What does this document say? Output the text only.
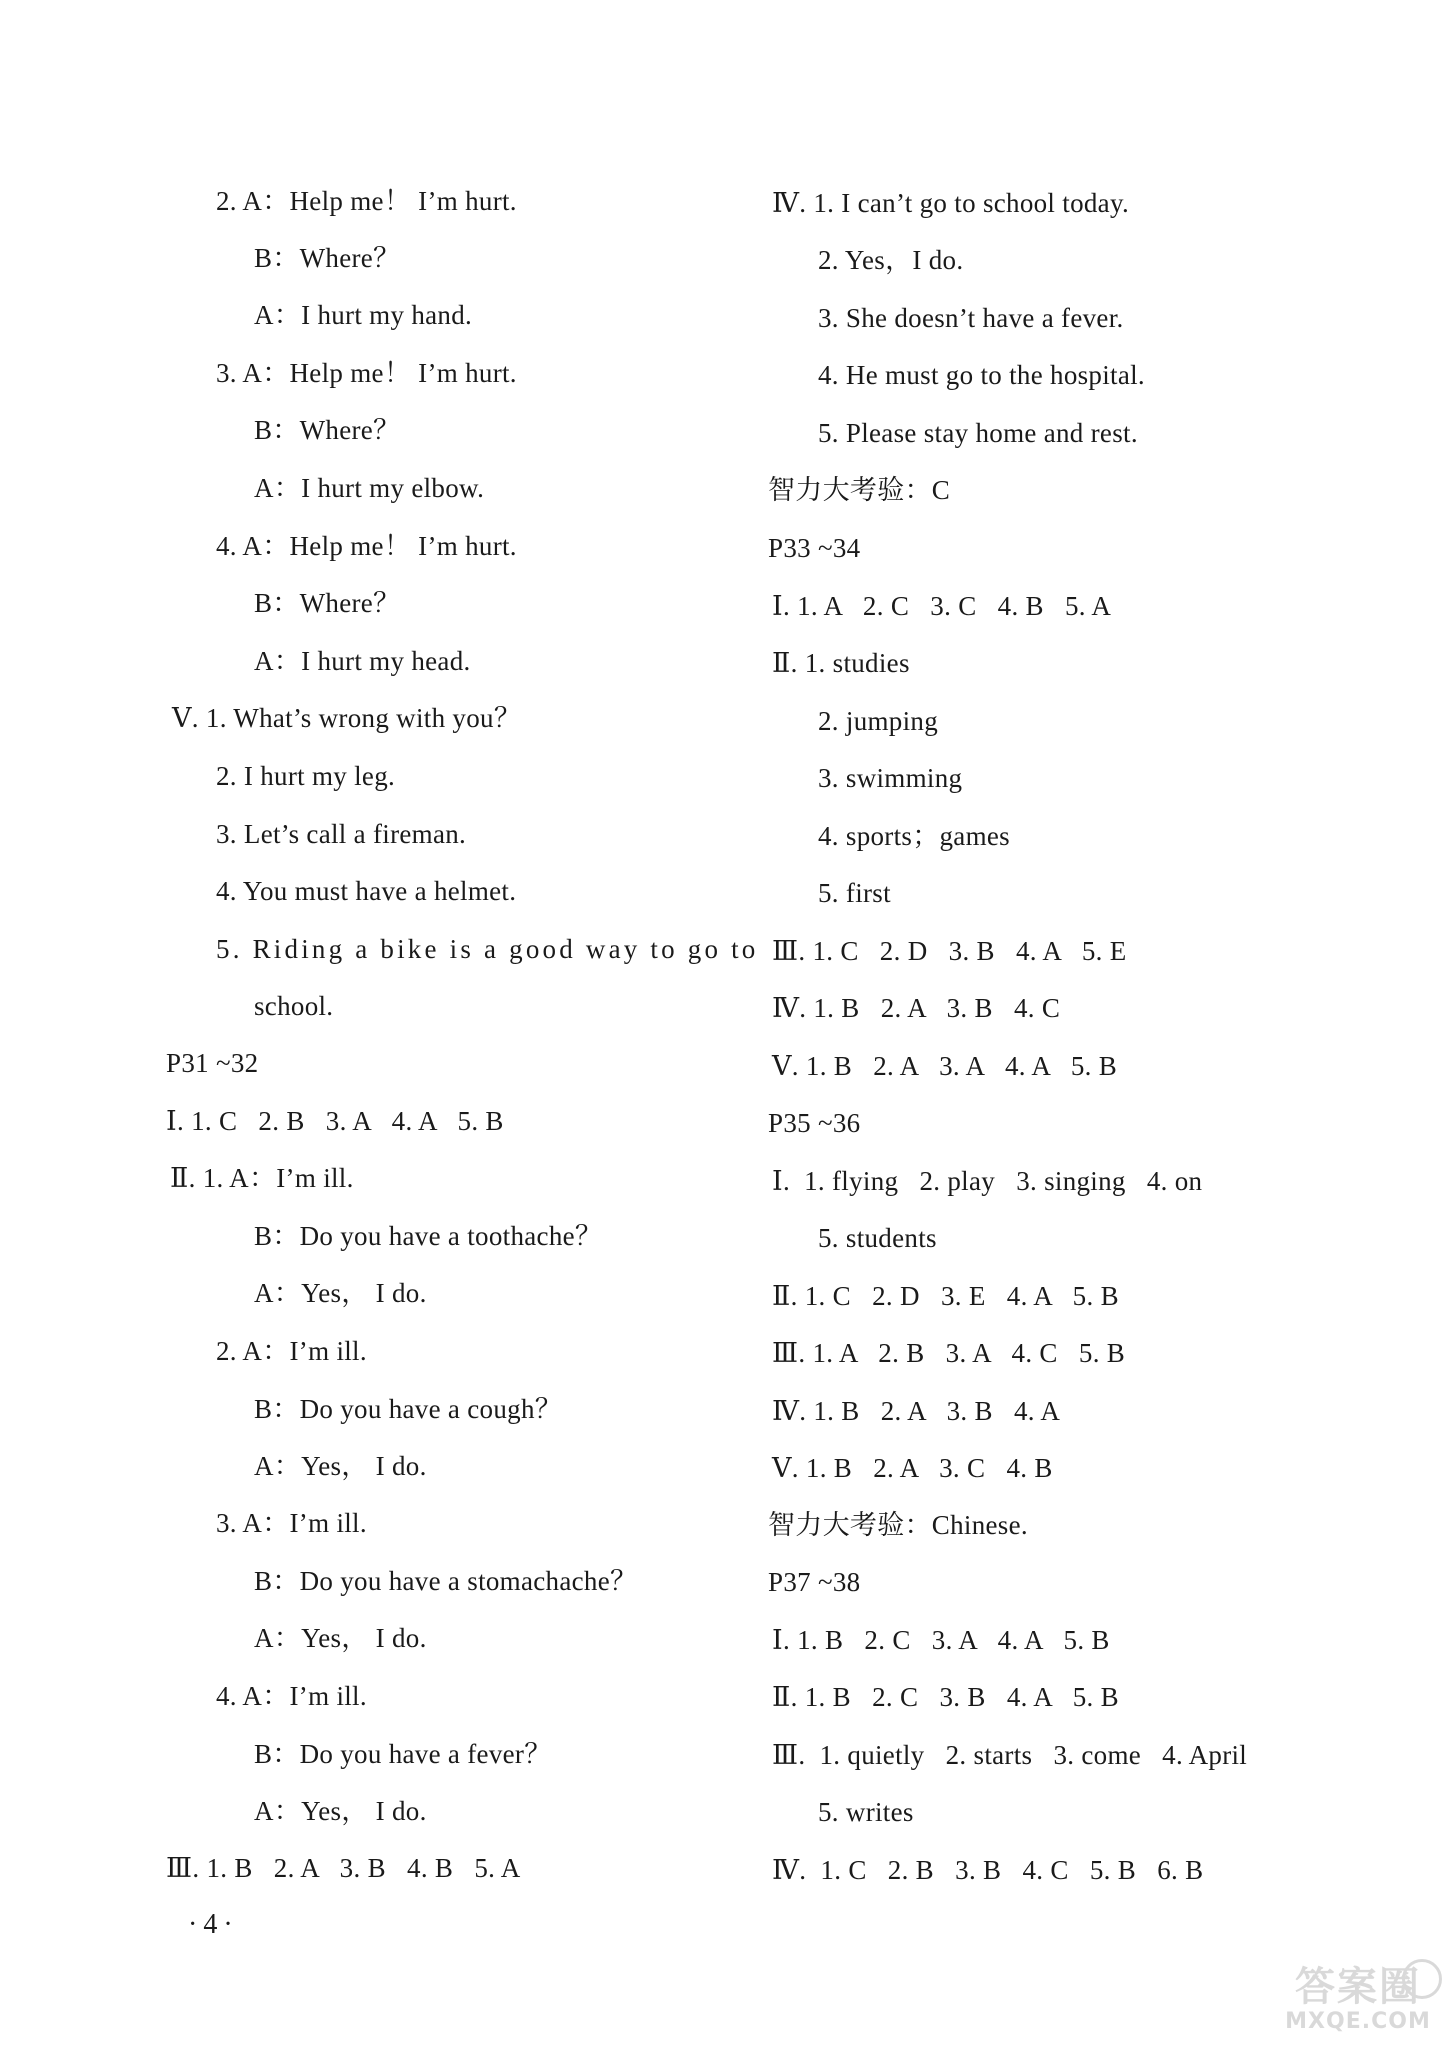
2. A：Help me！ I’m hurt.
B：Where？
A：I hurt my hand.
3. A：Help me！ I’m hurt.
B：Where？
A：I hurt my elbow.
4. A：Help me！ I’m hurt.
B：Where？
A：I hurt my head.
Ⅴ. 1. What’s wrong with you？
2. I hurt my leg.
3. Let’s call a fireman.
4. You must have a helmet.
5. Riding a bike is a good way to go to
school.
P31 ~32
Ⅰ. 1. C   2. B   3. A   4. A   5. B
Ⅱ. 1. A：I’m ill.
B：Do you have a toothache？
A：Yes， I do.
2. A：I’m ill.
B：Do you have a cough？
A：Yes， I do.
3. A：I’m ill.
B：Do you have a stomachache？
A：Yes， I do.
4. A：I’m ill.
B：Do you have a fever？
A：Yes， I do.
Ⅲ. 1. B   2. A   3. B   4. B   5. A
Ⅳ. 1. I can’t go to school today.
2. Yes，I do.
3. She doesn’t have a fever.
4. He must go to the hospital.
5. Please stay home and rest.
智力大考验：C
P33 ~34
Ⅰ. 1. A   2. C   3. C   4. B   5. A
Ⅱ. 1. studies
2. jumping
3. swimming
4. sports；games
5. first
Ⅲ. 1. C   2. D   3. B   4. A   5. E
Ⅳ. 1. B   2. A   3. B   4. C
Ⅴ. 1. B   2. A   3. A   4. A   5. B
P35 ~36
Ⅰ.  1. flying   2. play   3. singing   4. on
5. students
Ⅱ. 1. C   2. D   3. E   4. A   5. B
Ⅲ. 1. A   2. B   3. A   4. C   5. B
Ⅳ. 1. B   2. A   3. B   4. A
Ⅴ. 1. B   2. A   3. C   4. B
智力大考验：Chinese.
P37 ~38
Ⅰ. 1. B   2. C   3. A   4. A   5. B
Ⅱ. 1. B   2. C   3. B   4. A   5. B
Ⅲ.  1. quietly   2. starts   3. come   4. April
5. writes
Ⅳ.  1. C   2. B   3. B   4. C   5. B   6. B
·4·
答案圈
MXQE.COM
